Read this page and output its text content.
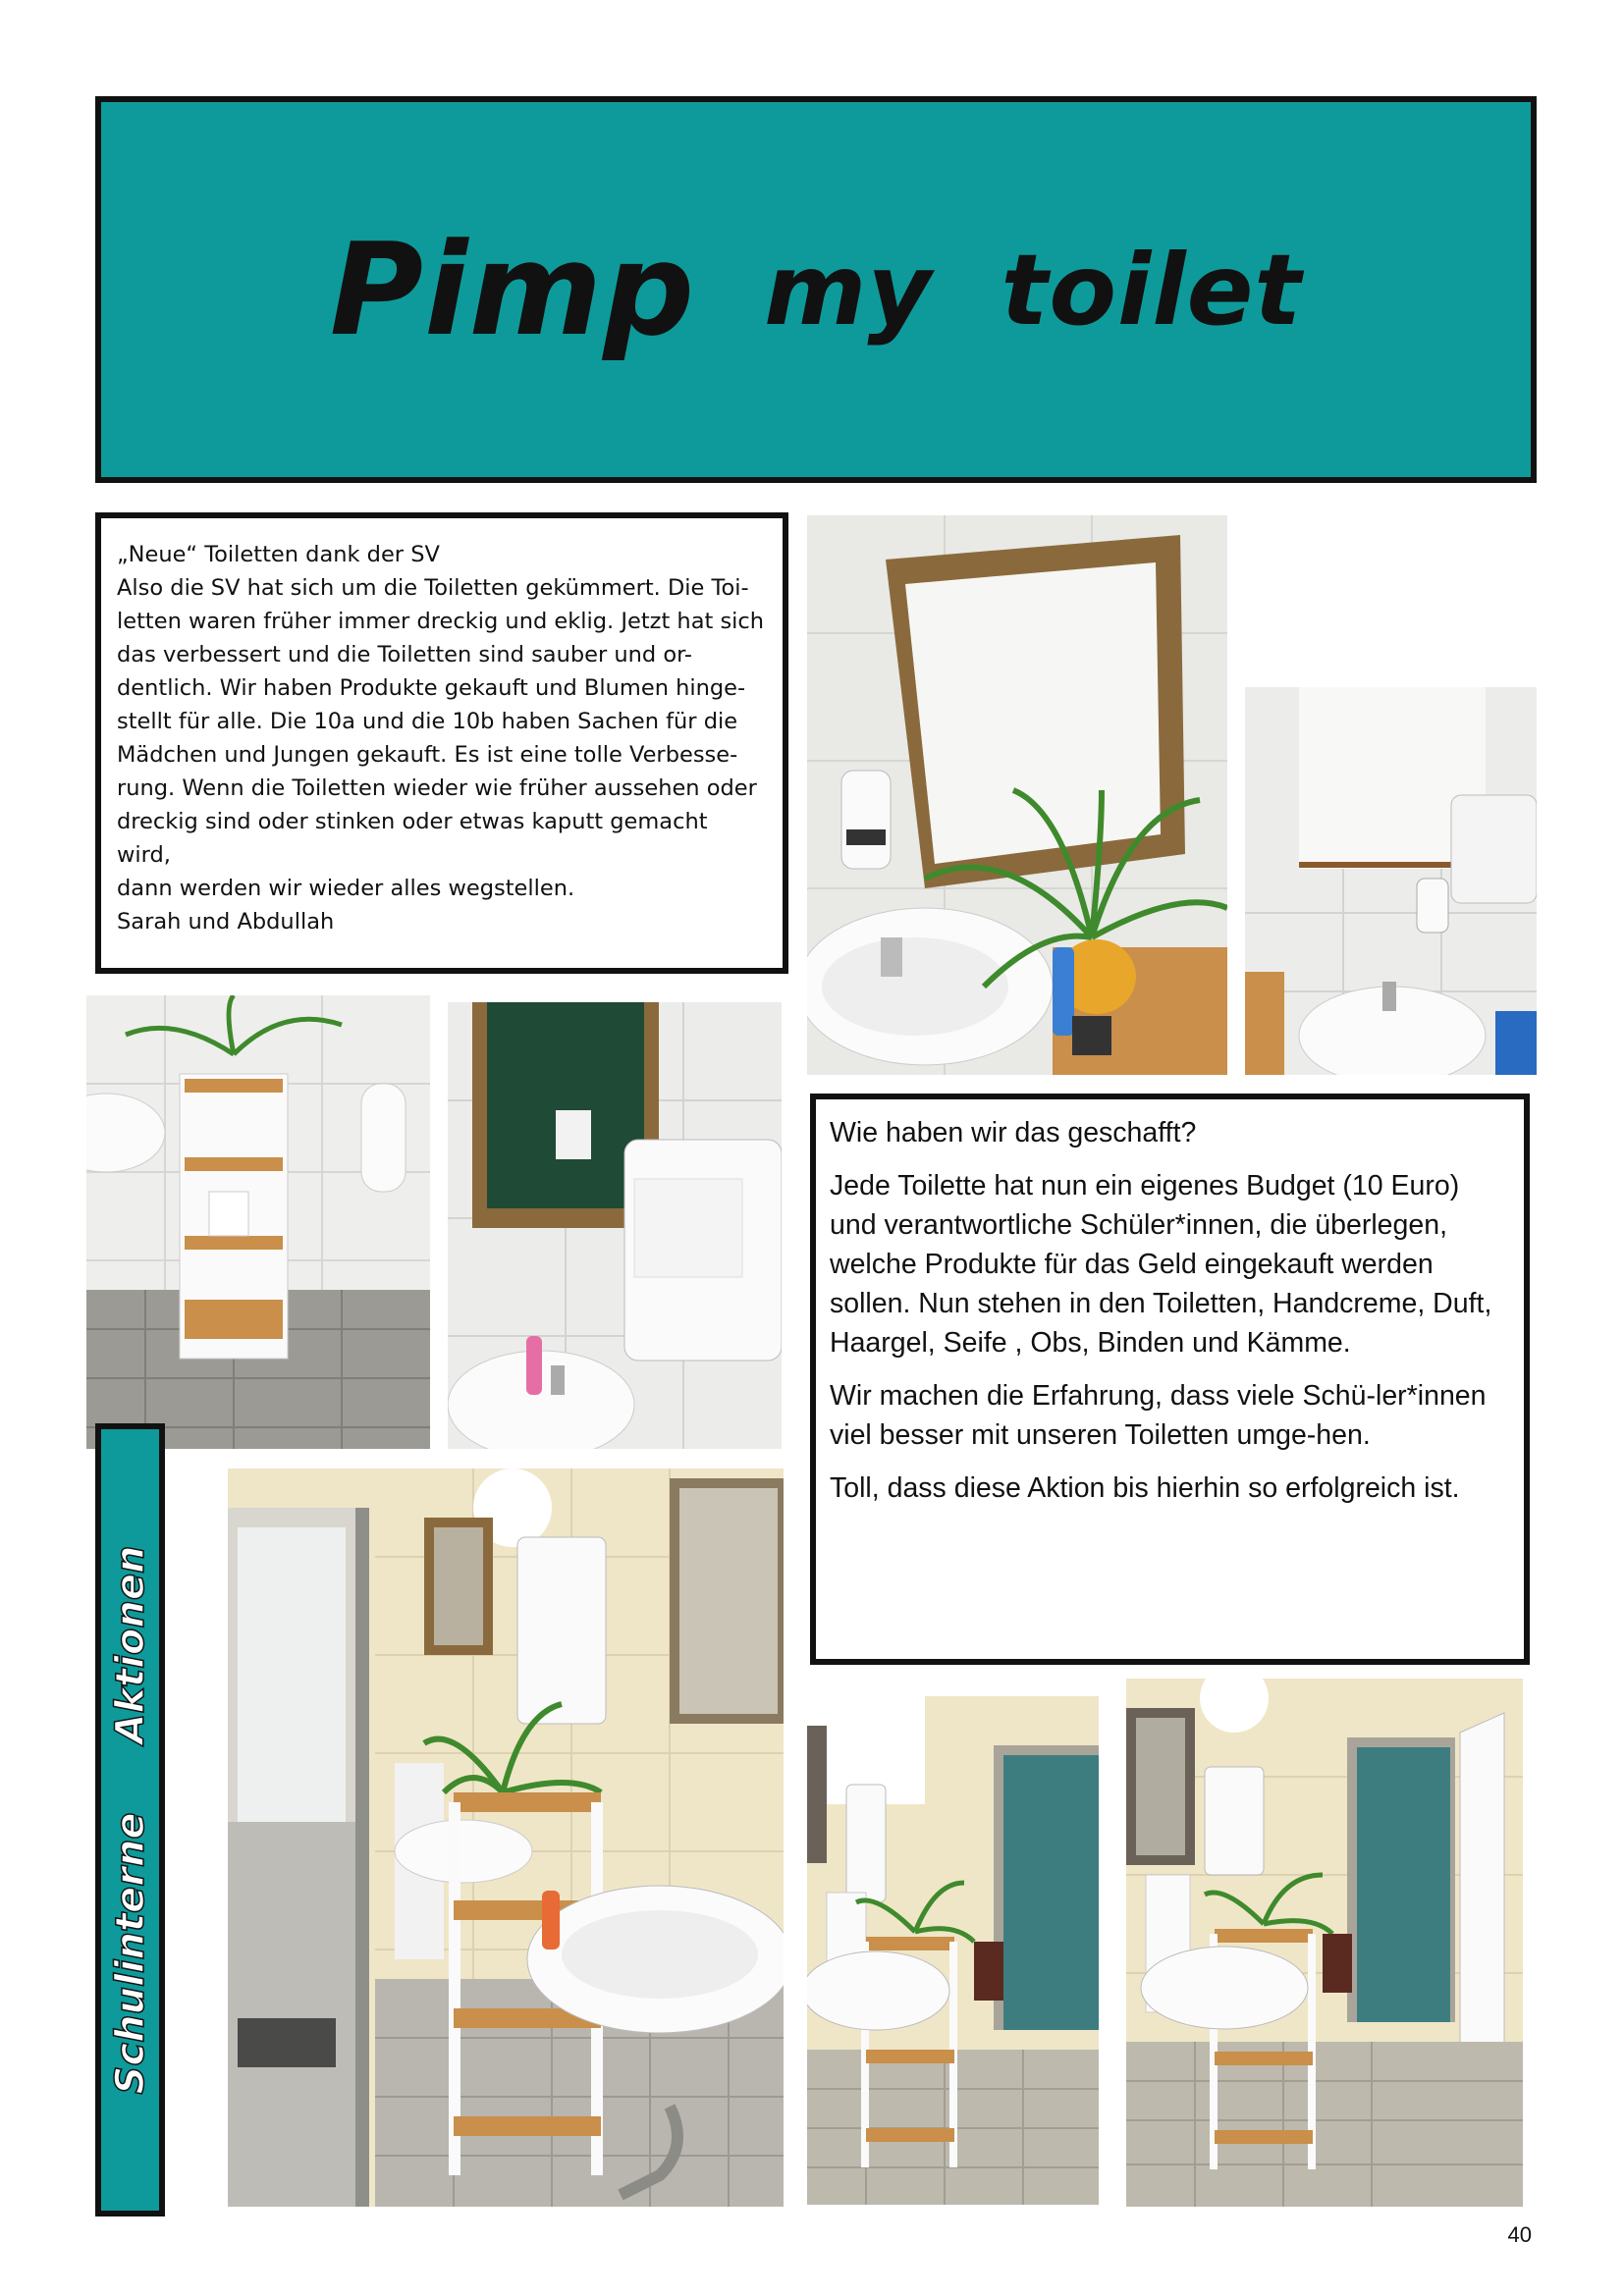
Pimp my toilet

„Neue“ Toiletten dank der SV

Also die SV hat sich um die Toiletten gekümmert. Die Toi-

letten waren früher immer dreckig und eklig. Jetzt hat sich

das verbessert und die Toiletten sind sauber und or-

dentlich. Wir haben Produkte gekauft und Blumen hinge-

stellt für alle. Die 10a und die 10b haben Sachen für die

Mädchen und Jungen gekauft. Es ist eine tolle Verbesse-

rung. Wenn die Toiletten wieder wie früher aussehen oder

dreckig sind oder stinken oder etwas kaputt gemacht wird,

dann werden wir wieder alles wegstellen.

Sarah und Abdullah

Wie haben wir das geschafft?

Jede Toilette hat nun ein eigenes Budget (10 Euro) und verantwortliche Schüler*innen, die überlegen, welche Produkte für das Geld eingekauft werden sollen. Nun stehen in den Toiletten, Handcreme, Duft, Haargel, Seife , Obs, Binden und Kämme.

Wir machen die Erfahrung, dass viele Schü-ler*innen viel besser mit unseren Toiletten umge-hen.

Toll, dass diese Aktion bis hierhin so erfolgreich ist.

Schulinterne
Aktionen
40
